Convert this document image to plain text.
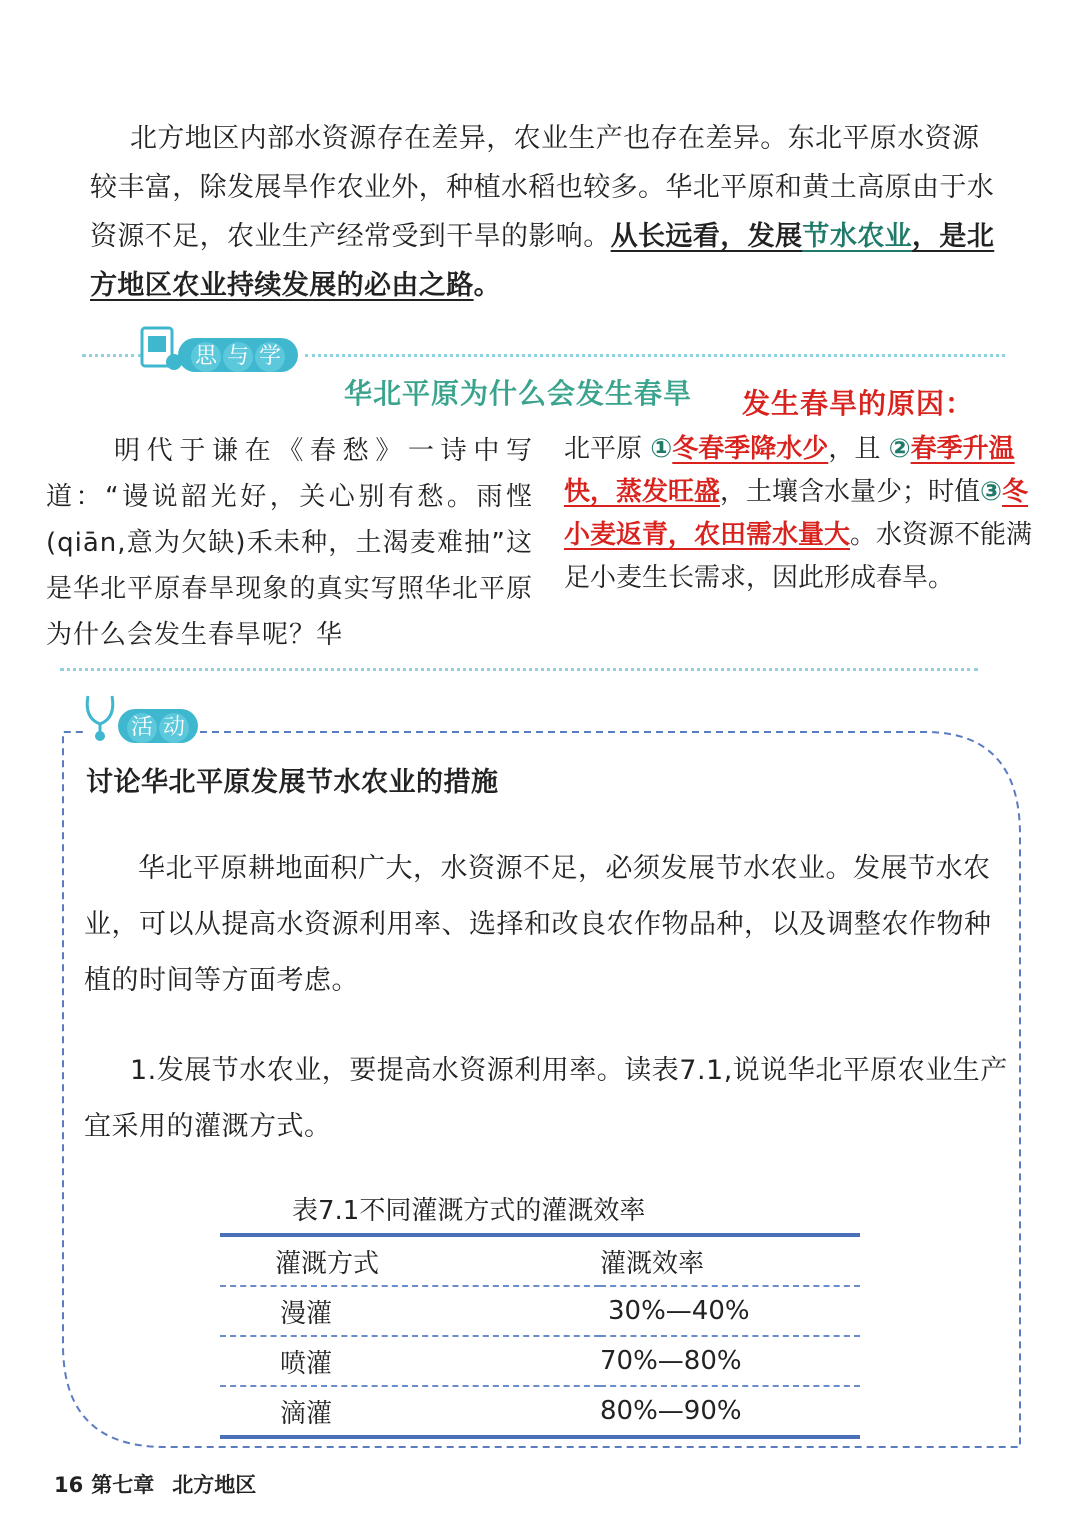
北方地区内部水资源存在差异，农业生产也存在差异。东北平原水资源较丰富，除发展旱作农业外，种植水稻也较多。华北平原和黄土高原由于水资源不足，农业生产经常受到干旱的影响。从长远看，发展节水农业，是北方地区农业持续发展的必由之路。
思 与 学
华北平原为什么会发生春旱 发生春旱的原因：
明代于谦在《春愁》一诗中写道：“谩说韶光好，关心别有愁。雨悭(qiān,意为欠缺)禾未种，土渴麦难抽”这是华北平原春旱现象的真实写照华北平原为什么会发生春旱呢？华
北平原 ①冬春季降水少，且 ②春季升温快，蒸发旺盛，土壤含水量少；时值③冬小麦返青，农田需水量大。水资源不能满足小麦生长需求，因此形成春旱。
活 动
讨论华北平原发展节水农业的措施
华北平原耕地面积广大，水资源不足，必须发展节水农业。发展节水农业，可以从提高水资源利用率、选择和改良农作物品种，以及调整农作物种植的时间等方面考虑。
1.发展节水农业，要提高水资源利用率。读表7.1,说说华北平原农业生产宜采用的灌溉方式。
表7.1不同灌溉方式的灌溉效率
灌溉方式	灌溉效率
漫灌	30%—40%
喷灌	70%—80%
滴灌	80%—90%
16 第七章 北方地区
